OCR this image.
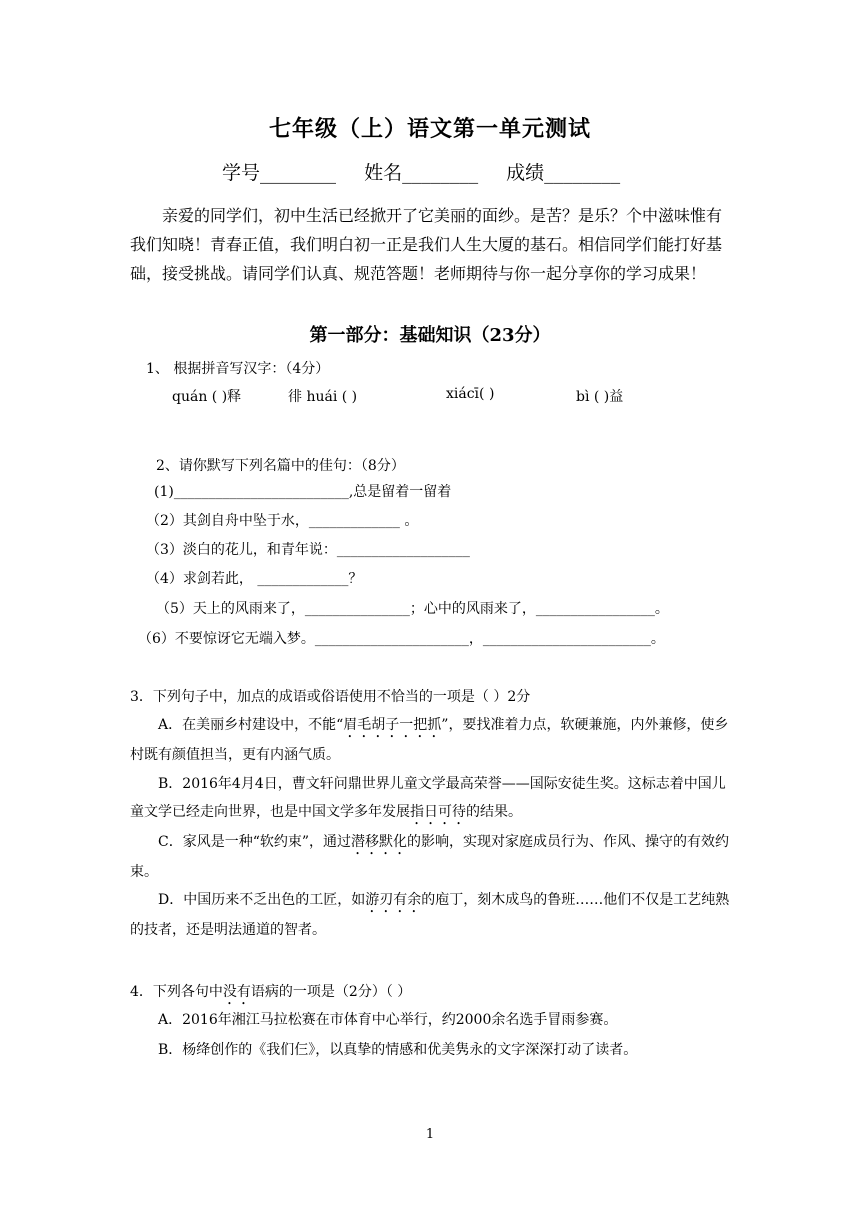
七年级（上）语文第一单元测试
学号________ 姓名________ 成绩________
亲爱的同学们，初中生活已经掀开了它美丽的面纱。是苦？是乐？个中滋味惟有我们知晓！青春正值，我们明白初一正是我们人生大厦的基石。相信同学们能打好基础，接受挑战。请同学们认真、规范答题！老师期待与你一起分享你的学习成果！
第一部分：基础知识（23分）
1、 根据拼音写汉字：（4分）
quán ( )释	徘 huái ( )	xiácī( )	bì ( )益
2、请你默写下列名篇中的佳句：（8分）
(1)_________________________,总是留着一留着
（2）其剑自舟中坠于水，_____________ 。
（3）淡白的花儿，和青年说：___________________
（4）求剑若此， _____________？
（5）天上的风雨来了，_______________；心中的风雨来了，_________________。
（6）不要惊讶它无端入梦。______________________，________________________。
3．下列句子中，加点的成语或俗语使用不恰当的一项是（ ）2分
A．在美丽乡村建设中，不能“眉毛胡子一把抓”，要找准着力点，软硬兼施，内外兼修，使乡村既有颜值担当，更有内涵气质。
B．2016年4月4日，曹文轩问鼎世界儿童文学最高荣誉——国际安徒生奖。这标志着中国儿童文学已经走向世界，也是中国文学多年发展指日可待的结果。
C．家风是一种“软约束”，通过潜移默化的影响，实现对家庭成员行为、作风、操守的有效约束。
D．中国历来不乏出色的工匠，如游刃有余的庖丁，刻木成鸟的鲁班……他们不仅是工艺纯熟的技者，还是明法通道的智者。
4．下列各句中没有语病的一项是（2分）（ ）
A．2016年湘江马拉松赛在市体育中心举行，约2000余名选手冒雨参赛。
B．杨绛创作的《我们仨》，以真挚的情感和优美隽永的文字深深打动了读者。
1
